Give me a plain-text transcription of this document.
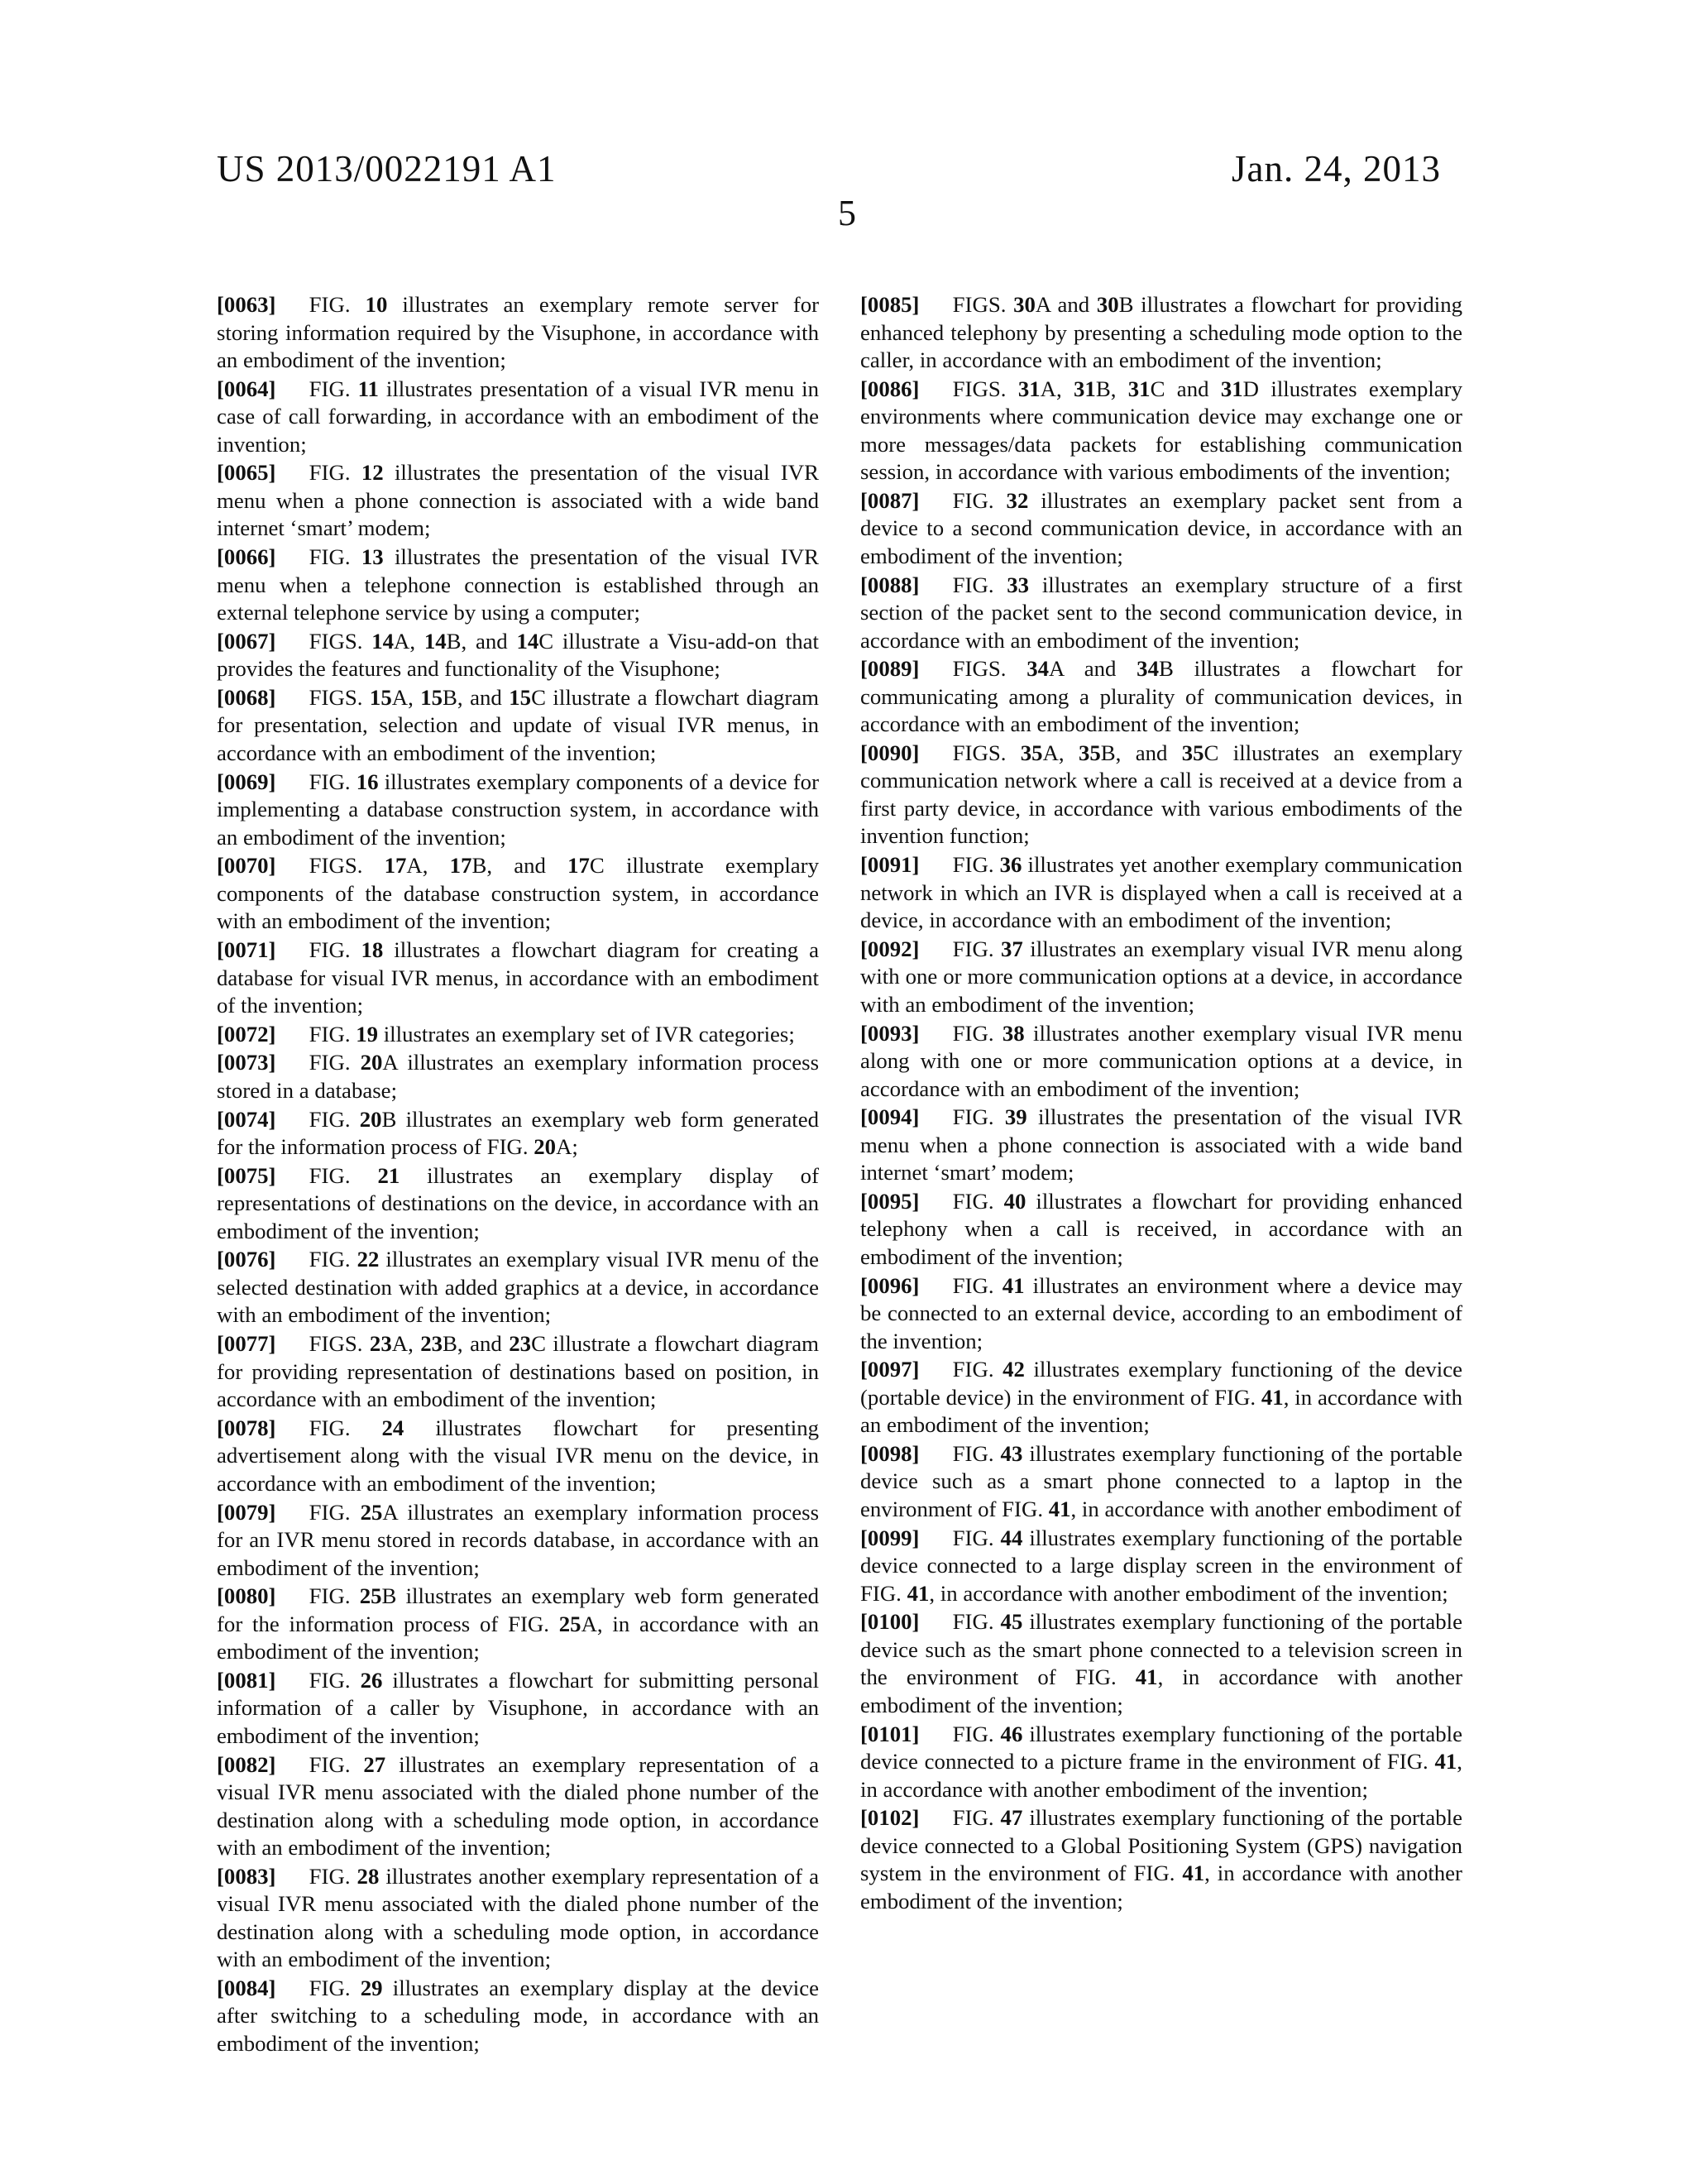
US 2013/0022191 A1	Jan. 24, 2013
5

[0063]   FIG. 10 illustrates an exemplary remote server for storing information required by the Visuphone, in accordance with an embodiment of the invention;

[0064]   FIG. 11 illustrates presentation of a visual IVR menu in case of call forwarding, in accordance with an embodiment of the invention;

[0065]   FIG. 12 illustrates the presentation of the visual IVR menu when a phone connection is associated with a wide band internet ‘smart’ modem;

[0066]   FIG. 13 illustrates the presentation of the visual IVR menu when a telephone connection is established through an external telephone service by using a computer;

[0067]   FIGS. 14A, 14B, and 14C illustrate a Visu-add-on that provides the features and functionality of the Visuphone;

[0068]   FIGS. 15A, 15B, and 15C illustrate a flowchart diagram for presentation, selection and update of visual IVR menus, in accordance with an embodiment of the invention;

[0069]   FIG. 16 illustrates exemplary components of a device for implementing a database construction system, in accordance with an embodiment of the invention;

[0070]   FIGS. 17A, 17B, and 17C illustrate exemplary components of the database construction system, in accordance with an embodiment of the invention;

[0071]   FIG. 18 illustrates a flowchart diagram for creating a database for visual IVR menus, in accordance with an embodiment of the invention;

[0072]   FIG. 19 illustrates an exemplary set of IVR categories;

[0073]   FIG. 20A illustrates an exemplary information process stored in a database;

[0074]   FIG. 20B illustrates an exemplary web form generated for the information process of FIG. 20A;

[0075]   FIG. 21 illustrates an exemplary display of representations of destinations on the device, in accordance with an embodiment of the invention;

[0076]   FIG. 22 illustrates an exemplary visual IVR menu of the selected destination with added graphics at a device, in accordance with an embodiment of the invention;

[0077]   FIGS. 23A, 23B, and 23C illustrate a flowchart diagram for providing representation of destinations based on position, in accordance with an embodiment of the invention;

[0078]   FIG. 24 illustrates flowchart for presenting advertisement along with the visual IVR menu on the device, in accordance with an embodiment of the invention;

[0079]   FIG. 25A illustrates an exemplary information process for an IVR menu stored in records database, in accordance with an embodiment of the invention;

[0080]   FIG. 25B illustrates an exemplary web form generated for the information process of FIG. 25A, in accordance with an embodiment of the invention;

[0081]   FIG. 26 illustrates a flowchart for submitting personal information of a caller by Visuphone, in accordance with an embodiment of the invention;

[0082]   FIG. 27 illustrates an exemplary representation of a visual IVR menu associated with the dialed phone number of the destination along with a scheduling mode option, in accordance with an embodiment of the invention;

[0083]   FIG. 28 illustrates another exemplary representation of a visual IVR menu associated with the dialed phone number of the destination along with a scheduling mode option, in accordance with an embodiment of the invention;

[0084]   FIG. 29 illustrates an exemplary display at the device after switching to a scheduling mode, in accordance with an embodiment of the invention;

[0085]   FIGS. 30A and 30B illustrates a flowchart for providing enhanced telephony by presenting a scheduling mode option to the caller, in accordance with an embodiment of the invention;

[0086]   FIGS. 31A, 31B, 31C and 31D illustrates exemplary environments where communication device may exchange one or more messages/data packets for establishing communication session, in accordance with various embodiments of the invention;

[0087]   FIG. 32 illustrates an exemplary packet sent from a device to a second communication device, in accordance with an embodiment of the invention;

[0088]   FIG. 33 illustrates an exemplary structure of a first section of the packet sent to the second communication device, in accordance with an embodiment of the invention;

[0089]   FIGS. 34A and 34B illustrates a flowchart for communicating among a plurality of communication devices, in accordance with an embodiment of the invention;

[0090]   FIGS. 35A, 35B, and 35C illustrates an exemplary communication network where a call is received at a device from a first party device, in accordance with various embodiments of the invention function;

[0091]   FIG. 36 illustrates yet another exemplary communication network in which an IVR is displayed when a call is received at a device, in accordance with an embodiment of the invention;

[0092]   FIG. 37 illustrates an exemplary visual IVR menu along with one or more communication options at a device, in accordance with an embodiment of the invention;

[0093]   FIG. 38 illustrates another exemplary visual IVR menu along with one or more communication options at a device, in accordance with an embodiment of the invention;

[0094]   FIG. 39 illustrates the presentation of the visual IVR menu when a phone connection is associated with a wide band internet ‘smart’ modem;

[0095]   FIG. 40 illustrates a flowchart for providing enhanced telephony when a call is received, in accordance with an embodiment of the invention;

[0096]   FIG. 41 illustrates an environment where a device may be connected to an external device, according to an embodiment of the invention;

[0097]   FIG. 42 illustrates exemplary functioning of the device (portable device) in the environment of FIG. 41, in accordance with an embodiment of the invention;

[0098]   FIG. 43 illustrates exemplary functioning of the portable device such as a smart phone connected to a laptop in the environment of FIG. 41, in accordance with another embodiment of

[0099]   FIG. 44 illustrates exemplary functioning of the portable device connected to a large display screen in the environment of FIG. 41, in accordance with another embodiment of the invention;

[0100]   FIG. 45 illustrates exemplary functioning of the portable device such as the smart phone connected to a television screen in the environment of FIG. 41, in accordance with another embodiment of the invention;

[0101]   FIG. 46 illustrates exemplary functioning of the portable device connected to a picture frame in the environment of FIG. 41, in accordance with another embodiment of the invention;

[0102]   FIG. 47 illustrates exemplary functioning of the portable device connected to a Global Positioning System (GPS) navigation system in the environment of FIG. 41, in accordance with another embodiment of the invention;
